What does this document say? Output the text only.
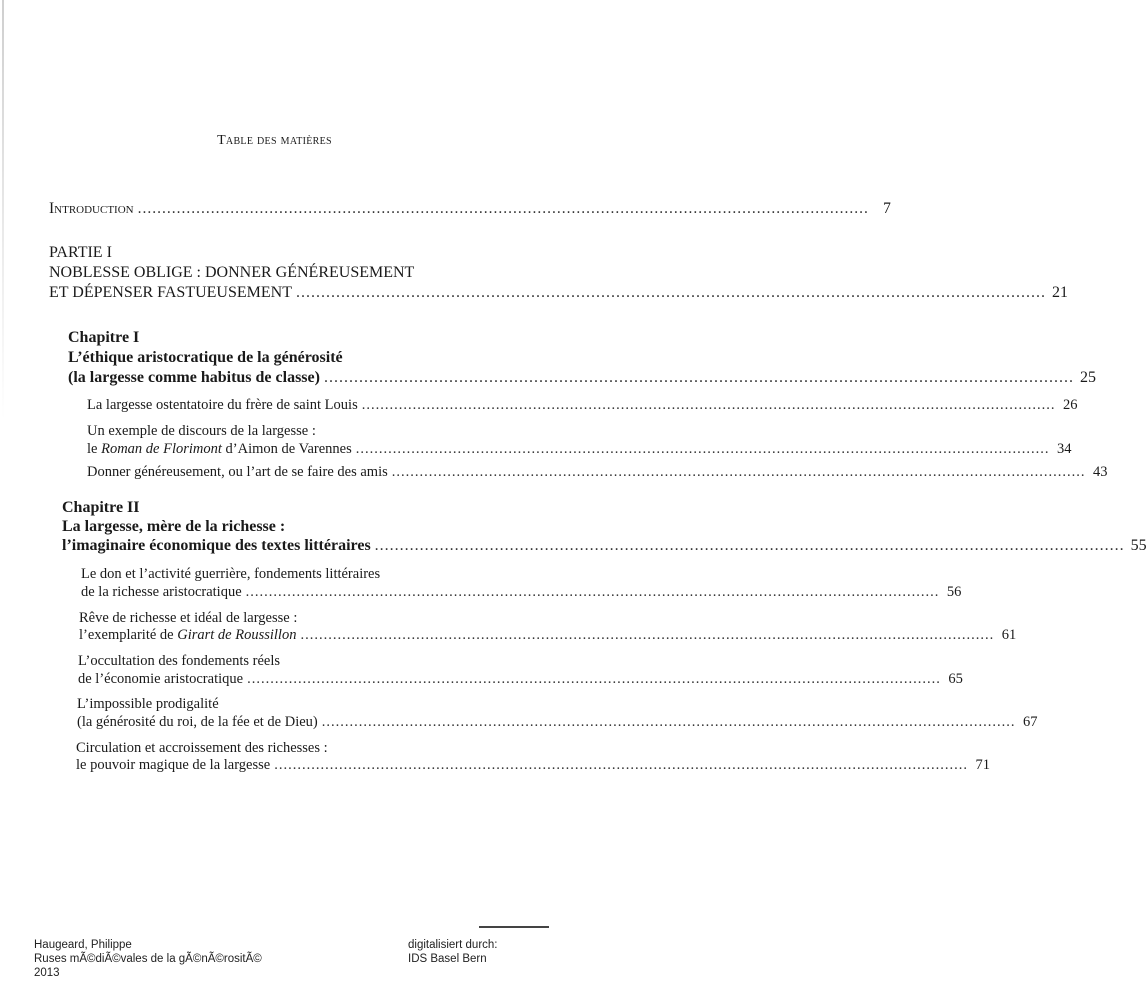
Table des matières
Introduction ...................................................................................................................................................... 7
PARTIE I
NOBLESSE OBLIGE : DONNER GÉNÉREUSEMENT
ET DÉPENSER FASTUEUSEMENT ...................................................................................................................................................... 21
Chapitre I
L’éthique aristocratique de la générosité
(la largesse comme habitus de classe) ...................................................................................................................................................... 25
La largesse ostentatoire du frère de saint Louis ...................................................................................................................................................... 26
Un exemple de discours de la largesse :
le Roman de Florimont d’Aimon de Varennes ...................................................................................................................................................... 34
Donner généreusement, ou l’art de se faire des amis ...................................................................................................................................................... 43
Chapitre II
La largesse, mère de la richesse :
l’imaginaire économique des textes littéraires ...................................................................................................................................................... 55
Le don et l’activité guerrière, fondements littéraires
de la richesse aristocratique ...................................................................................................................................................... 56
Rêve de richesse et idéal de largesse :
l’exemplarité de Girart de Roussillon ...................................................................................................................................................... 61
L’occultation des fondements réels
de l’économie aristocratique ...................................................................................................................................................... 65
L’impossible prodigalité
(la générosité du roi, de la fée et de Dieu) ...................................................................................................................................................... 67
Circulation et accroissement des richesses :
le pouvoir magique de la largesse ...................................................................................................................................................... 71
Haugeard, Philippe
Ruses mÃ©diÃ©vales de la gÃ©nÃ©rositÃ©
2013
digitalisiert durch:
IDS Basel Bern
